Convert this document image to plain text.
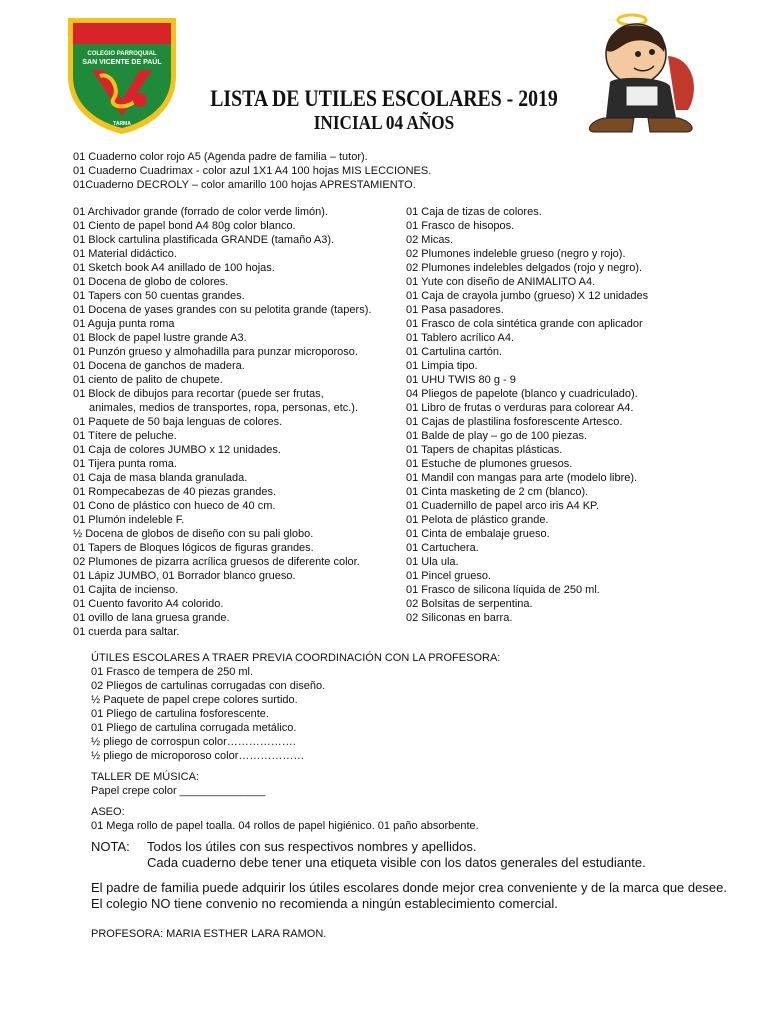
COLEGIO PARROQUIAL
SAN VICENTE DE PAÚL
TARMA
LISTA DE UTILES ESCOLARES - 2019
INICIAL 04 AÑOS
01 Cuaderno color rojo A5 (Agenda padre de familia – tutor).
01 Cuaderno Cuadrimax - color azul 1X1 A4 100 hojas MIS LECCIONES.
01Cuaderno DECROLY – color amarillo 100 hojas APRESTAMIENTO.
01 Archivador grande (forrado de color verde limón).
01 Ciento de papel bond A4 80g color blanco.
01 Block cartulina plastificada GRANDE (tamaño A3).
01 Material didáctico.
01 Sketch book A4 anillado de 100 hojas.
01 Docena de globo de colores.
01 Tapers con 50 cuentas grandes.
01 Docena de yases grandes con su pelotita grande (tapers).
01 Aguja punta roma
01 Block de papel lustre grande A3.
01 Punzón grueso y almohadilla para punzar microporoso.
01 Docena de ganchos de madera.
01 ciento de palito de chupete.
01 Block de dibujos para recortar (puede ser frutas,
animales, medios de transportes, ropa, personas, etc.).
01 Paquete de 50 baja lenguas de colores.
01 Títere de peluche.
01 Caja de colores JUMBO x 12 unidades.
01 Tijera punta roma.
01 Caja de masa blanda granulada.
01 Rompecabezas de 40 piezas grandes.
01 Cono de plástico con hueco de 40 cm.
01 Plumón indeleble F.
½ Docena de globos de diseño con su pali globo.
01 Tapers de Bloques lógicos de figuras grandes.
02 Plumones de pizarra acrílica gruesos de diferente color.
01 Lápiz JUMBO, 01 Borrador blanco grueso.
01 Cajita de incienso.
01 Cuento favorito A4 colorido.
01 ovillo de lana gruesa grande.
01 cuerda para saltar.
01 Caja de tizas de colores.
01 Frasco de hisopos.
02 Micas.
02 Plumones indeleble grueso (negro y rojo).
02 Plumones indelebles delgados (rojo y negro).
01 Yute con diseño de ANIMALITO A4.
01 Caja de crayola jumbo (grueso) X 12 unidades
01 Pasa pasadores.
01 Frasco de cola sintética grande con aplicador
01 Tablero acrílico A4.
01 Cartulina cartón.
01 Limpia tipo.
01 UHU TWIS 80 g - 9
04 Pliegos de papelote (blanco y cuadriculado).
01 Libro de frutas o verduras para colorear A4.
01 Cajas de plastilina fosforescente Artesco.
01 Balde de play – go de 100 piezas.
01 Tapers de chapitas plásticas.
01 Estuche de plumones gruesos.
01 Mandil con mangas para arte (modelo libre).
01 Cinta masketing de 2 cm (blanco).
01 Cuadernillo de papel arco iris A4 KP.
01 Pelota de plástico grande.
01 Cinta de embalaje grueso.
01 Cartuchera.
01 Ula ula.
01 Pincel grueso.
01 Frasco de silicona líquida de 250 ml.
02 Bolsitas de serpentina.
02 Siliconas en barra.
ÚTILES ESCOLARES A TRAER PREVIA COORDINACIÓN CON LA PROFESORA:
01 Frasco de tempera de 250 ml.
02 Pliegos de cartulinas corrugadas con diseño.
½ Paquete de papel crepe colores surtido.
01 Pliego de cartulina fosforescente.
01 Pliego de cartulina corrugada metálico.
½ pliego de corrospun color……………….
½ pliego de microporoso color………………
TALLER DE MÚSICA:
Papel crepe color ______________
ASEO:
01 Mega rollo de papel toalla. 04 rollos de papel higiénico. 01 paño absorbente.
NOTA: Todos los útiles con sus respectivos nombres y apellidos.
Cada cuaderno debe tener una etiqueta visible con los datos generales del estudiante.
El padre de familia puede adquirir los útiles escolares donde mejor crea conveniente y de la marca que desee.
El colegio NO tiene convenio no recomienda a ningún establecimiento comercial.
PROFESORA: MARIA ESTHER LARA RAMON.
